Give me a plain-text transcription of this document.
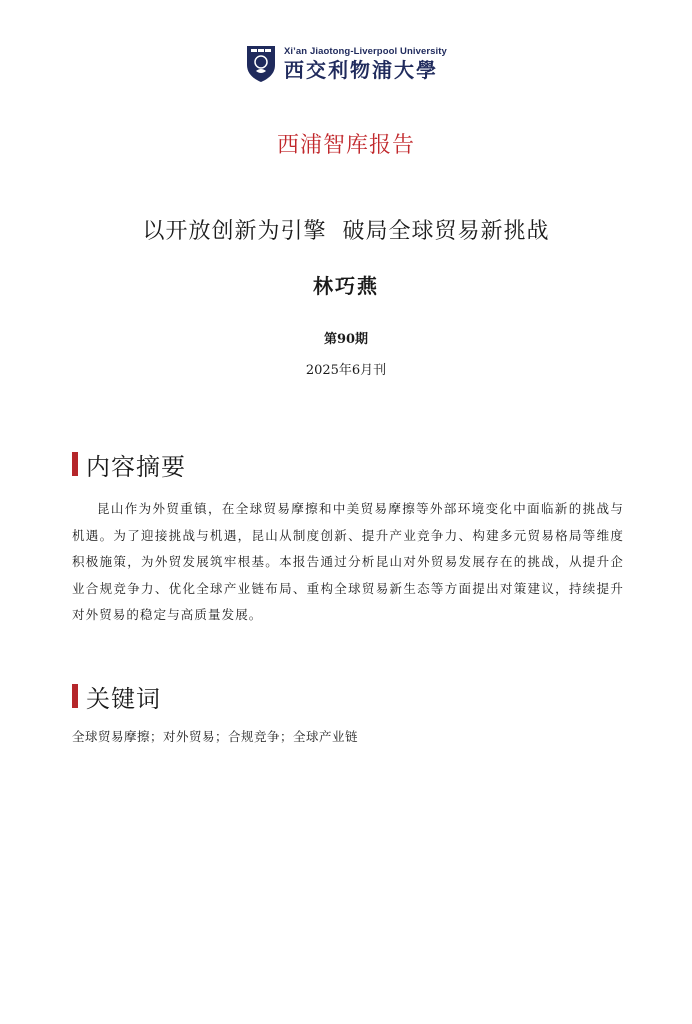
Xi’an Jiaotong-Liverpool University
西交利物浦大學
西浦智库报告
以开放创新为引擎  破局全球贸易新挑战
林巧燕
第90期
2025年6月刊
内容摘要
昆山作为外贸重镇，在全球贸易摩擦和中美贸易摩擦等外部环境变化中面临新的挑战与机遇。为了迎接挑战与机遇，昆山从制度创新、提升产业竞争力、构建多元贸易格局等维度积极施策，为外贸发展筑牢根基。本报告通过分析昆山对外贸易发展存在的挑战，从提升企业合规竞争力、优化全球产业链布局、重构全球贸易新生态等方面提出对策建议，持续提升对外贸易的稳定与高质量发展。
关键词
全球贸易摩擦；对外贸易；合规竞争；全球产业链
